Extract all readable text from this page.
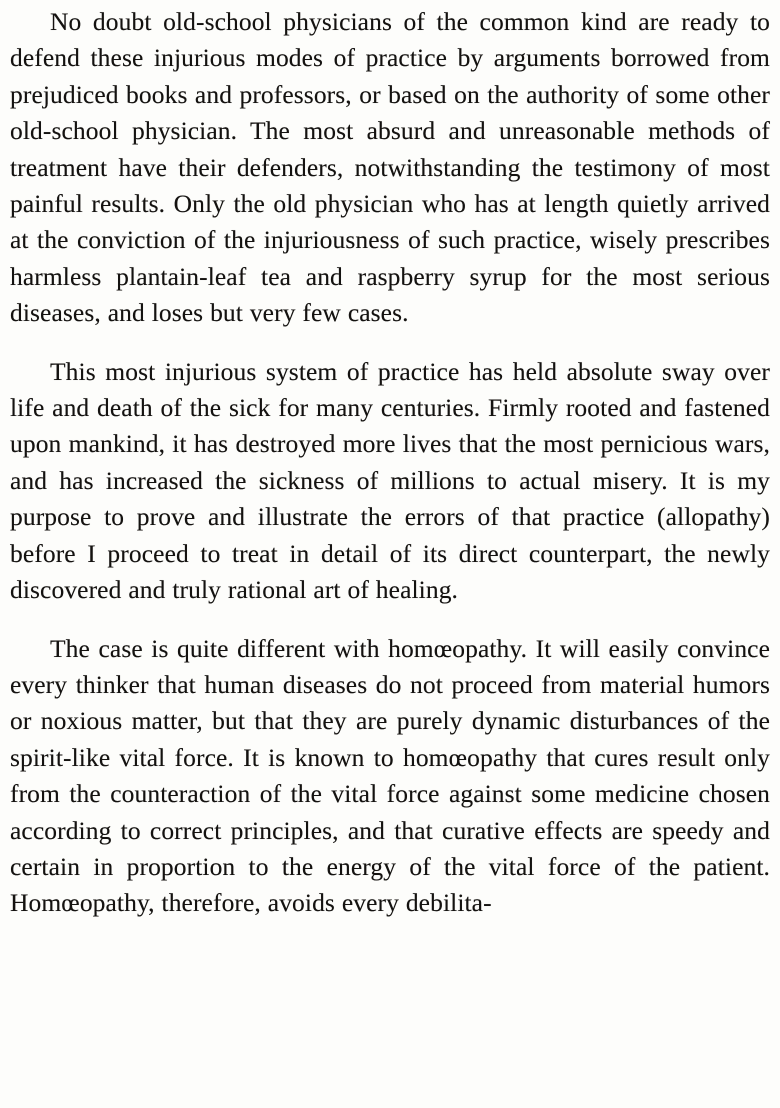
No doubt old-school physicians of the common kind are ready to defend these injurious modes of practice by arguments borrowed from prejudiced books and professors, or based on the authority of some other old-school physician. The most absurd and unreasonable methods of treatment have their defenders, notwithstanding the testimony of most painful results. Only the old physician who has at length quietly arrived at the conviction of the injuriousness of such practice, wisely prescribes harmless plantain-leaf tea and raspberry syrup for the most serious diseases, and loses but very few cases.

This most injurious system of practice has held absolute sway over life and death of the sick for many centuries. Firmly rooted and fastened upon mankind, it has destroyed more lives that the most pernicious wars, and has increased the sickness of millions to actual misery. It is my purpose to prove and illustrate the errors of that practice (allopathy) before I proceed to treat in detail of its direct counterpart, the newly discovered and truly rational art of healing.

The case is quite different with homœopathy. It will easily convince every thinker that human diseases do not proceed from material humors or noxious matter, but that they are purely dynamic disturbances of the spirit-like vital force. It is known to homœopathy that cures result only from the counteraction of the vital force against some medicine chosen according to correct principles, and that curative effects are speedy and certain in proportion to the energy of the vital force of the patient. Homœopathy, therefore, avoids every debilita-
